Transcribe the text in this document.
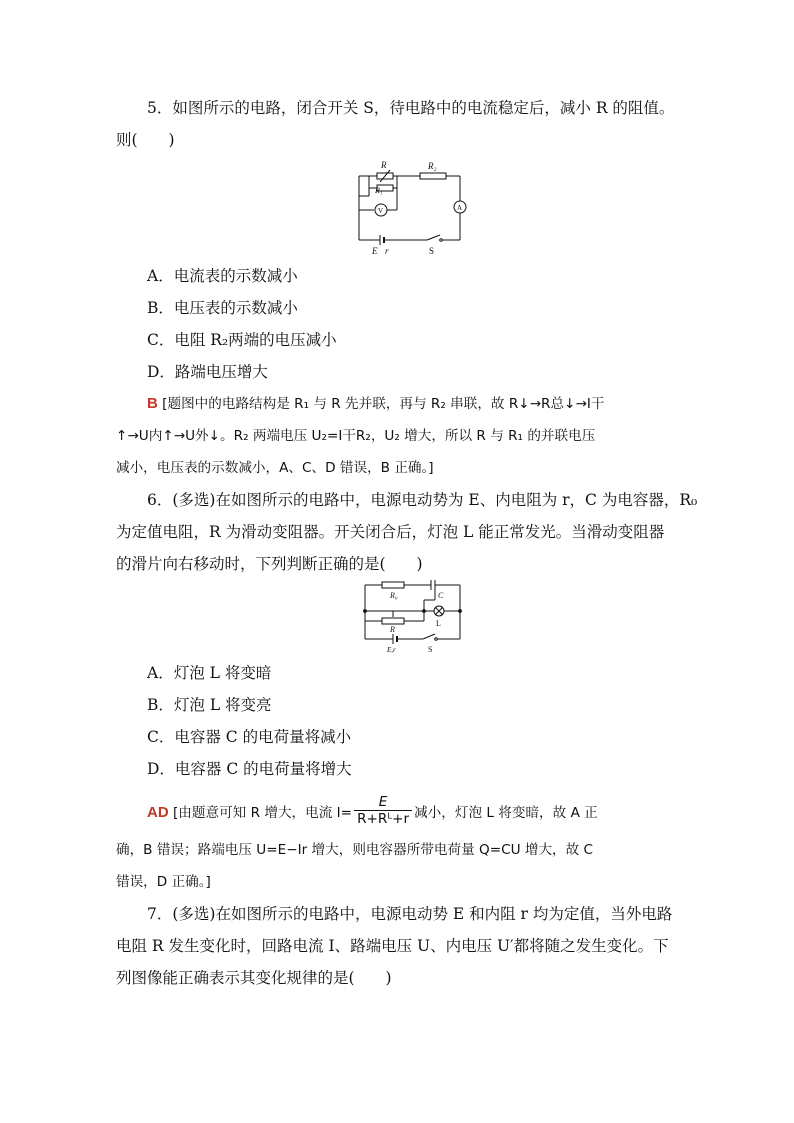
5．如图所示的电路，闭合开关 S，待电路中的电流稳定后，减小 R 的阻值。
则(　　)
R
R₁
R₂
V	A
E r	S
A．电流表的示数减小
B．电压表的示数减小
C．电阻 R₂两端的电压减小
D．路端电压增大
B [题图中的电路结构是 R₁ 与 R 先并联，再与 R₂ 串联，故 R↓→R总↓→I干
↑→U内↑→U外↓。R₂ 两端电压 U₂=I干R₂，U₂ 增大，所以 R 与 R₁ 的并联电压
减小，电压表的示数减小，A、C、D 错误，B 正确。]
6．(多选)在如图所示的电路中，电源电动势为 E、内电阻为 r，C 为电容器，R₀
为定值电阻，R 为滑动变阻器。开关闭合后，灯泡 L 能正常发光。当滑动变阻器
的滑片向右移动时，下列判断正确的是(　　)
R₀	C
R
L
E,r	S
A．灯泡 L 将变暗
B．灯泡 L 将变亮
C．电容器 C 的电荷量将减小
D．电容器 C 的电荷量将增大
AD [由题意可知 R 增大，电流 $I= \frac{E}{\text{R+Rᴸ+r}}$ 减小，灯泡 L 将变暗，故 A 正
确，B 错误；路端电压 U=E−Ir 增大，则电容器所带电荷量 Q=CU 增大，故 C
错误，D 正确。]
7．(多选)在如图所示的电路中，电源电动势 E 和内阻 r 均为定值，当外电路
电阻 R 发生变化时，回路电流 I、路端电压 U、内电压 U′都将随之发生变化。下
列图像能正确表示其变化规律的是(　　)
